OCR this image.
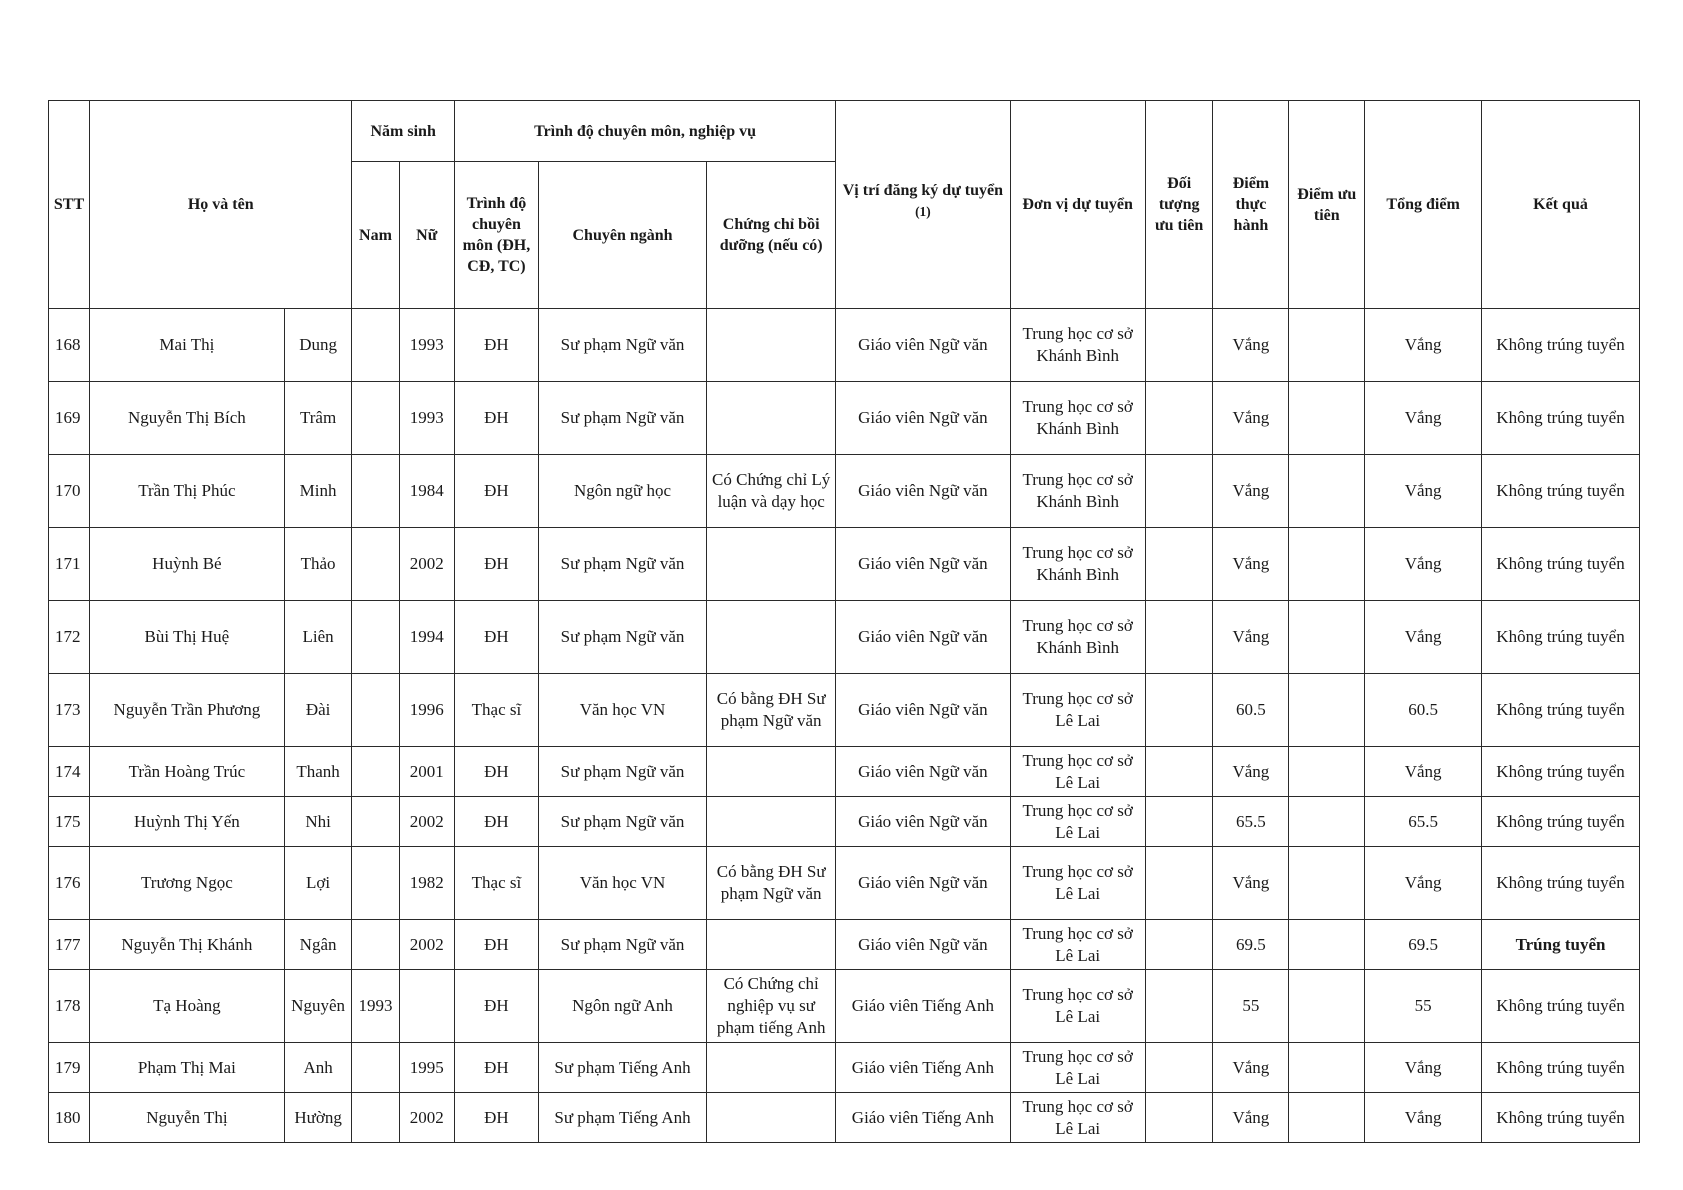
STT	Họ và tên		Năm sinh		Trình độ chuyên môn, nghiệp vụ			Vị trí đăng ký dự tuyển $^{(1)}$	Đơn vị dự tuyển	Đối tượng ưu tiên	Điểm thực hành	Điểm ưu tiên	Tổng điểm	Kết quả
			Nam	Nữ	Trình độ chuyên môn (ĐH, CĐ, TC)	Chuyên ngành	Chứng chỉ bồi dưỡng (nếu có)							
168	Mai Thị	Dung		1993	ĐH	Sư phạm Ngữ văn		Giáo viên Ngữ văn	Trung học cơ sở Khánh Bình		Vắng		Vắng	Không trúng tuyển
169	Nguyễn Thị Bích	Trâm		1993	ĐH	Sư phạm Ngữ văn		Giáo viên Ngữ văn	Trung học cơ sở Khánh Bình		Vắng		Vắng	Không trúng tuyển
170	Trần Thị Phúc	Minh		1984	ĐH	Ngôn ngữ học	Có Chứng chỉ Lý luận và dạy học	Giáo viên Ngữ văn	Trung học cơ sở Khánh Bình		Vắng		Vắng	Không trúng tuyển
171	Huỳnh Bé	Thảo		2002	ĐH	Sư phạm Ngữ văn		Giáo viên Ngữ văn	Trung học cơ sở Khánh Bình		Vắng		Vắng	Không trúng tuyển
172	Bùi Thị Huệ	Liên		1994	ĐH	Sư phạm Ngữ văn		Giáo viên Ngữ văn	Trung học cơ sở Khánh Bình		Vắng		Vắng	Không trúng tuyển
173	Nguyễn Trần Phương	Đài		1996	Thạc sĩ	Văn học VN	Có bằng ĐH Sư phạm Ngữ văn	Giáo viên Ngữ văn	Trung học cơ sở Lê Lai		60.5		60.5	Không trúng tuyển
174	Trần Hoàng Trúc	Thanh		2001	ĐH	Sư phạm Ngữ văn		Giáo viên Ngữ văn	Trung học cơ sở Lê Lai		Vắng		Vắng	Không trúng tuyển
175	Huỳnh Thị Yến	Nhi		2002	ĐH	Sư phạm Ngữ văn		Giáo viên Ngữ văn	Trung học cơ sở Lê Lai		65.5		65.5	Không trúng tuyển
176	Trương Ngọc	Lợi		1982	Thạc sĩ	Văn học VN	Có bằng ĐH Sư phạm Ngữ văn	Giáo viên Ngữ văn	Trung học cơ sở Lê Lai		Vắng		Vắng	Không trúng tuyển
177	Nguyễn Thị Khánh	Ngân		2002	ĐH	Sư phạm Ngữ văn		Giáo viên Ngữ văn	Trung học cơ sở Lê Lai		69.5		69.5	Trúng tuyển
178	Tạ Hoàng	Nguyên	1993		ĐH	Ngôn ngữ Anh	Có Chứng chỉ nghiệp vụ sư phạm tiếng Anh	Giáo viên Tiếng Anh	Trung học cơ sở Lê Lai		55		55	Không trúng tuyển
179	Phạm Thị Mai	Anh		1995	ĐH	Sư phạm Tiếng Anh		Giáo viên Tiếng Anh	Trung học cơ sở Lê Lai		Vắng		Vắng	Không trúng tuyển
180	Nguyễn Thị	Hường		2002	ĐH	Sư phạm Tiếng Anh		Giáo viên Tiếng Anh	Trung học cơ sở Lê Lai		Vắng		Vắng	Không trúng tuyển
